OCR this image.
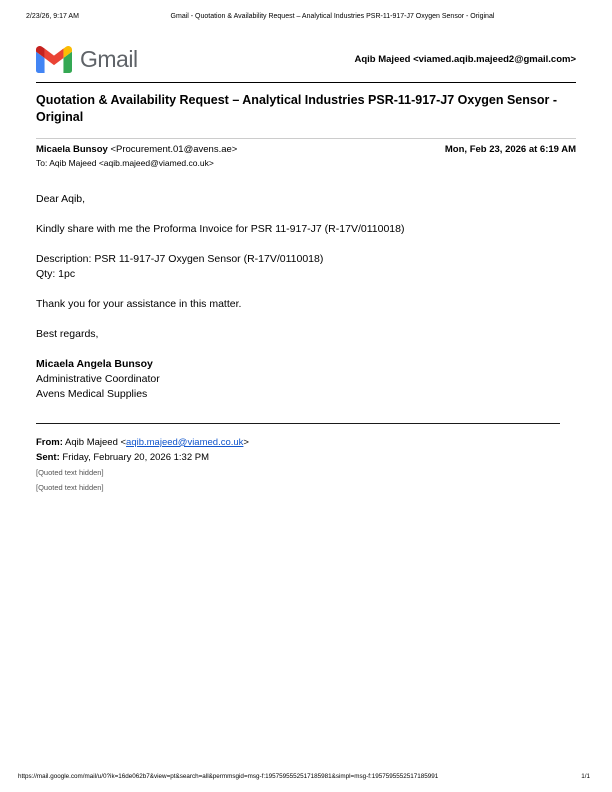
2/23/26, 9:17 AM	Gmail - Quotation & Availability Request – Analytical Industries PSR-11-917-J7 Oxygen Sensor - Original
Gmail	Aqib Majeed <viamed.aqib.majeed2@gmail.com>
Quotation & Availability Request – Analytical Industries PSR-11-917-J7 Oxygen Sensor - Original
Micaela Bunsoy <Procurement.01@avens.ae>	Mon, Feb 23, 2026 at 6:19 AM
To: Aqib Majeed <aqib.majeed@viamed.co.uk>

Dear Aqib,

Kindly share with me the Proforma Invoice for PSR 11-917-J7 (R-17V/0110018)

Description: PSR 11-917-J7 Oxygen Sensor (R-17V/0110018)
Qty: 1pc

Thank you for your assistance in this matter.

Best regards,

Micaela Angela Bunsoy
Administrative Coordinator
Avens Medical Supplies

From: Aqib Majeed <aqib.majeed@viamed.co.uk>
Sent: Friday, February 20, 2026 1:32 PM
[Quoted text hidden]
[Quoted text hidden]
https://mail.google.com/mail/u/0?ik=16de062b7&view=pt&search=all&permmsgid=msg-f:1957595552517185981&simpl=msg-f:1957595552517185991	1/1
